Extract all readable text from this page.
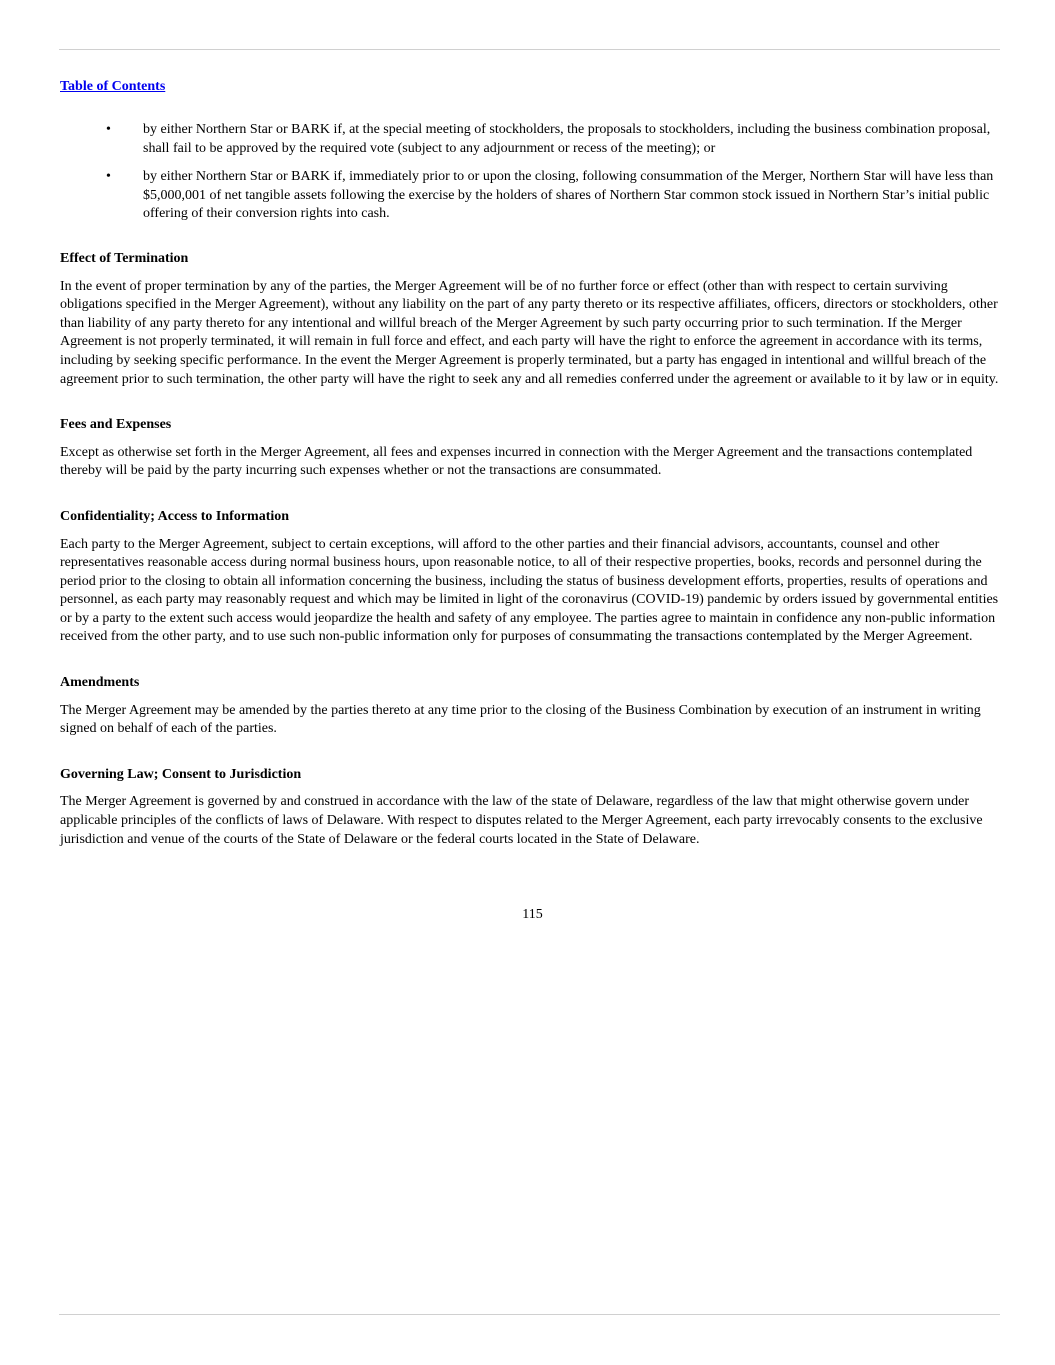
Table of Contents
•	by either Northern Star or BARK if, at the special meeting of stockholders, the proposals to stockholders, including the business combination proposal, shall fail to be approved by the required vote (subject to any adjournment or recess of the meeting); or
•	by either Northern Star or BARK if, immediately prior to or upon the closing, following consummation of the Merger, Northern Star will have less than $5,000,001 of net tangible assets following the exercise by the holders of shares of Northern Star common stock issued in Northern Star’s initial public offering of their conversion rights into cash.
Effect of Termination

In the event of proper termination by any of the parties, the Merger Agreement will be of no further force or effect (other than with respect to certain surviving obligations specified in the Merger Agreement), without any liability on the part of any party thereto or its respective affiliates, officers, directors or stockholders, other than liability of any party thereto for any intentional and willful breach of the Merger Agreement by such party occurring prior to such termination. If the Merger Agreement is not properly terminated, it will remain in full force and effect, and each party will have the right to enforce the agreement in accordance with its terms, including by seeking specific performance. In the event the Merger Agreement is properly terminated, but a party has engaged in intentional and willful breach of the agreement prior to such termination, the other party will have the right to seek any and all remedies conferred under the agreement or available to it by law or in equity.

Fees and Expenses

Except as otherwise set forth in the Merger Agreement, all fees and expenses incurred in connection with the Merger Agreement and the transactions contemplated thereby will be paid by the party incurring such expenses whether or not the transactions are consummated.

Confidentiality; Access to Information

Each party to the Merger Agreement, subject to certain exceptions, will afford to the other parties and their financial advisors, accountants, counsel and other representatives reasonable access during normal business hours, upon reasonable notice, to all of their respective properties, books, records and personnel during the period prior to the closing to obtain all information concerning the business, including the status of business development efforts, properties, results of operations and personnel, as each party may reasonably request and which may be limited in light of the coronavirus (COVID-19) pandemic by orders issued by governmental entities or by a party to the extent such access would jeopardize the health and safety of any employee. The parties agree to maintain in confidence any non-public information received from the other party, and to use such non-public information only for purposes of consummating the transactions contemplated by the Merger Agreement.

Amendments

The Merger Agreement may be amended by the parties thereto at any time prior to the closing of the Business Combination by execution of an instrument in writing signed on behalf of each of the parties.

Governing Law; Consent to Jurisdiction

The Merger Agreement is governed by and construed in accordance with the law of the state of Delaware, regardless of the law that might otherwise govern under applicable principles of the conflicts of laws of Delaware. With respect to disputes related to the Merger Agreement, each party irrevocably consents to the exclusive jurisdiction and venue of the courts of the State of Delaware or the federal courts located in the State of Delaware.

115
